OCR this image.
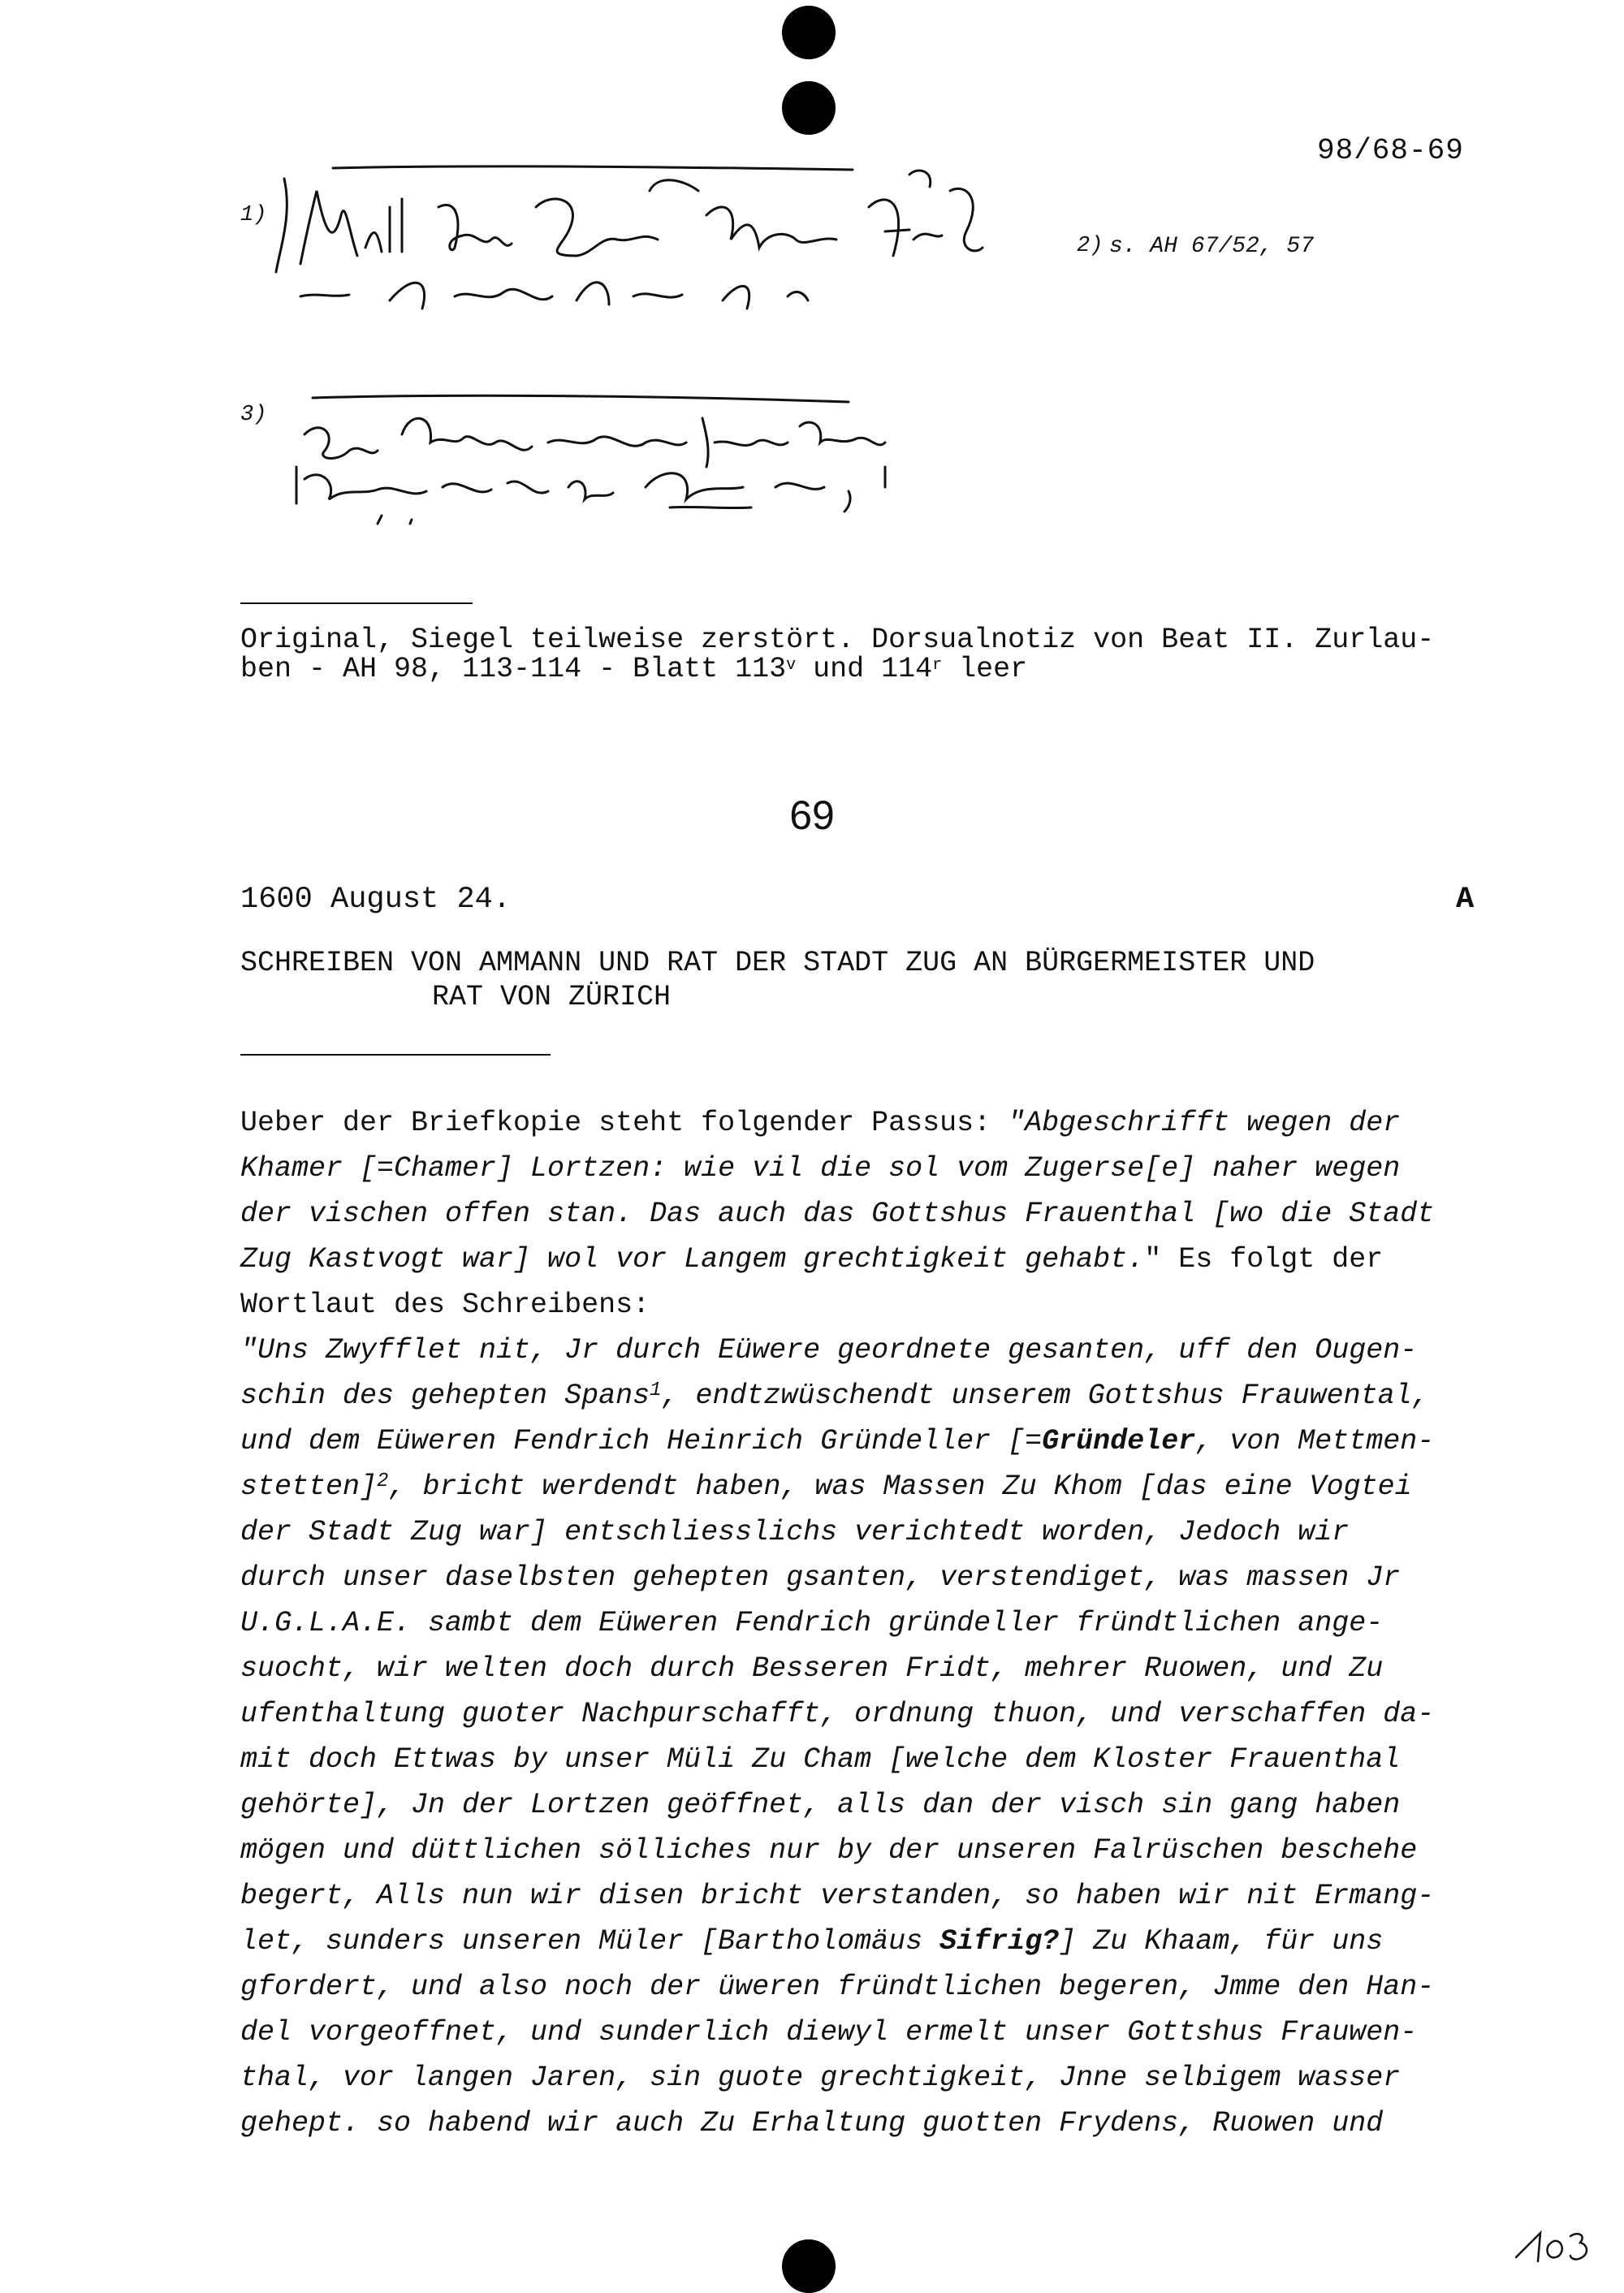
98/68-69
1)
2) s. AH 67/52, 57
3)
Original, Siegel teilweise zerstört. Dorsualnotiz von Beat II. Zurlau-
ben - AH 98, 113-114 - Blatt 113$^v$ und 114$^r$ leer
69
1600 August 24.	A
SCHREIBEN VON AMMANN UND RAT DER STADT ZUG AN BÜRGERMEISTER UND
RAT VON ZÜRICH
Ueber der Briefkopie steht folgender Passus: "Abgeschrifft wegen der
Khamer [=Chamer] Lortzen: wie vil die sol vom Zugerse[e] naher wegen
der vischen offen stan. Das auch das Gottshus Frauenthal [wo die Stadt
Zug Kastvogt war] wol vor Langem grechtigkeit gehabt." Es folgt der
Wortlaut des Schreibens:
"Uns Zwyfflet nit, Jr durch Eüwere geordnete gesanten, uff den Ougen-
schin des gehepten Spans$^1$, endtzwüschendt unserem Gottshus Frauwental,
und dem Eüweren Fendrich Heinrich Gründeller [=Gründeler, von Mettmen-
stetten]$^2$, bricht werdendt haben, was Massen Zu Khom [das eine Vogtei
der Stadt Zug war] entschliesslichs verichtedt worden, Jedoch wir
durch unser daselbsten gehepten gsanten, verstendiget, was massen Jr
U.G.L.A.E. sambt dem Eüweren Fendrich gründeller fründtlichen ange-
suocht, wir welten doch durch Besseren Fridt, mehrer Ruowen, und Zu
ufenthaltung guoter Nachpurschafft, ordnung thuon, und verschaffen da-
mit doch Ettwas by unser Müli Zu Cham [welche dem Kloster Frauenthal
gehörte], Jn der Lortzen geöffnet, alls dan der visch sin gang haben
mögen und düttlichen sölliches nur by der unseren Falrüschen beschehe
begert, Alls nun wir disen bricht verstanden, so haben wir nit Ermang-
let, sunders unseren Müler [Bartholomäus Sifrig?] Zu Khaam, für uns
gfordert, und also noch der üweren fründtlichen begeren, Jmme den Han-
del vorgeoffnet, und sunderlich diewyl ermelt unser Gottshus Frauwen-
thal, vor langen Jaren, sin guote grechtigkeit, Jnne selbigem wasser
gehept. so habend wir auch Zu Erhaltung guotten Frydens, Ruowen und
